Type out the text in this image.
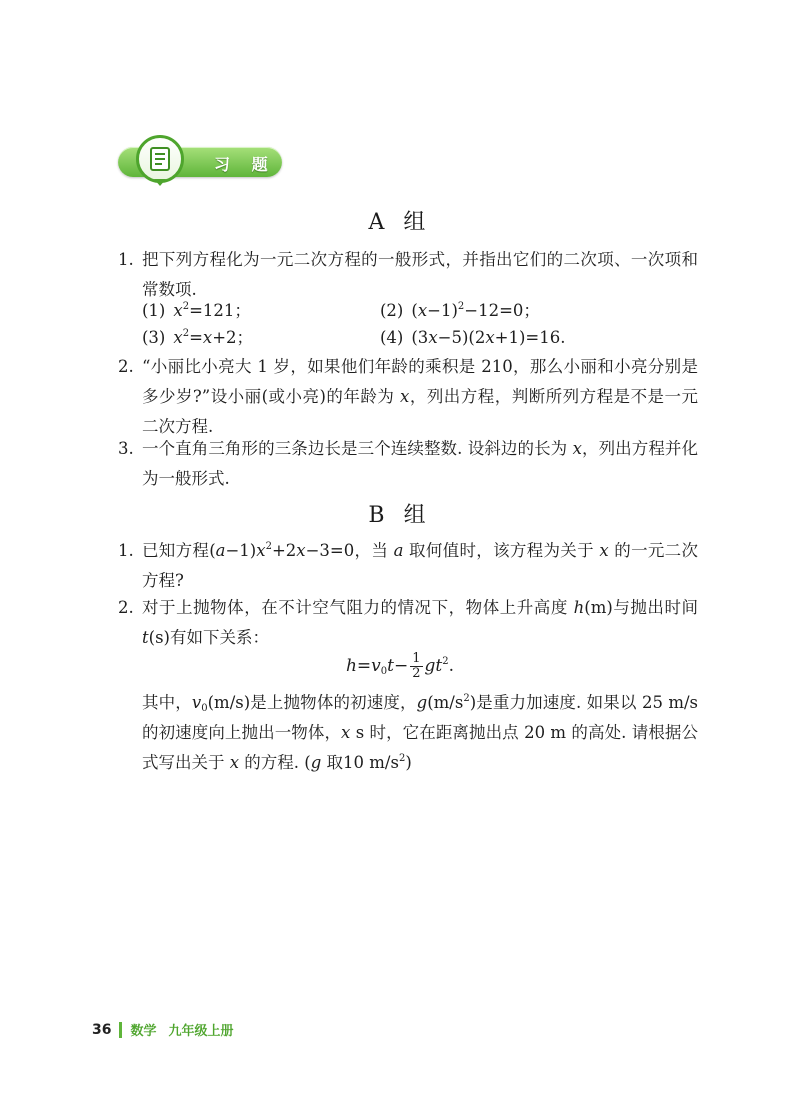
习 题
A 组
1. 把下列方程化为一元二次方程的一般形式，并指出它们的二次项、一次项和常数项.
(1) $x^2=121$；	(2) $(x-1)^2-12=0$；
(3) $x^2=x+2$；	(4) (3x−5)(2x+1)=16.
2. “小丽比小亮大 1 岁，如果他们年龄的乘积是 210，那么小丽和小亮分别是多少岁?”设小丽(或小亮)的年龄为 x，列出方程，判断所列方程是不是一元二次方程.
3. 一个直角三角形的三条边长是三个连续整数. 设斜边的长为 x，列出方程并化为一般形式.
B 组
1. 已知方程$(a-1)x^2+2x-3=0$，当 a 取何值时，该方程为关于 x 的一元二次方程?
2. 对于上抛物体，在不计空气阻力的情况下，物体上升高度 h(m)与抛出时间 t(s)有如下关系：
$h=v_0t- \frac{1}{2} gt^2$.
其中，$v_0(m/s)$是上抛物体的初速度，$g(m/s^2)$是重力加速度. 如果以 25 m/s的初速度向上抛出一物体，x s 时，它在距离抛出点 20 m 的高处. 请根据公式写出关于 x 的方程. (g 取10 $m/s^2$)
36 数学 九年级上册
